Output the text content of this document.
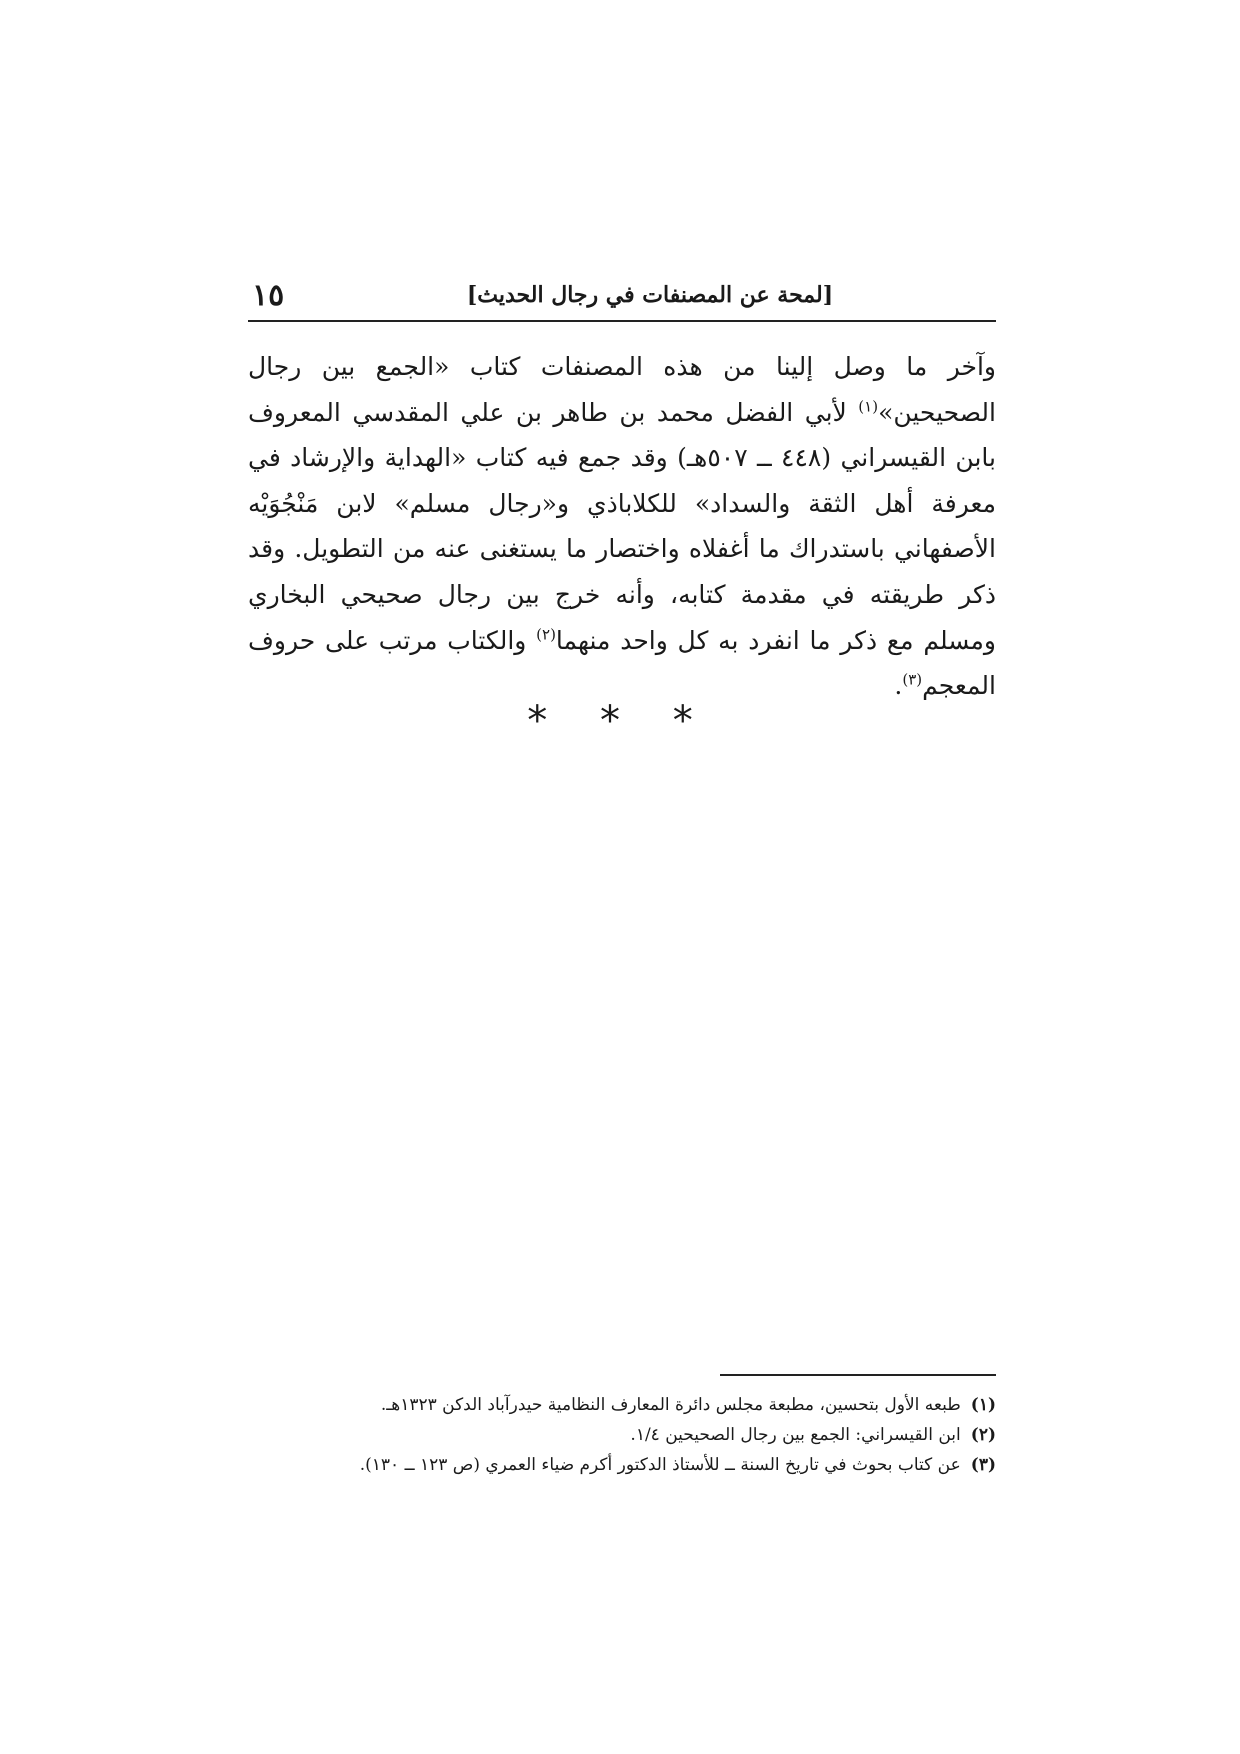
١٥	[لمحة عن المصنفات في رجال الحديث]
وآخر ما وصل إلينا من هذه المصنفات كتاب «الجمع بين رجال الصحيحين»$^{(١)}$ لأبي الفضل محمد بن طاهر بن علي المقدسي المعروف بابن القيسراني (٤٤٨ ــ ٥٠٧هـ) وقد جمع فيه كتاب «الهداية والإرشاد في معرفة أهل الثقة والسداد» للكلاباذي و«رجال مسلم» لابن مَنْجُوَيْه الأصفهاني باستدراك ما أغفلاه واختصار ما يستغنى عنه من التطويل. وقد ذكر طريقته في مقدمة كتابه، وأنه خرج بين رجال صحيحي البخاري ومسلم مع ذكر ما انفرد به كل واحد منهما$^{(٢)}$ والكتاب مرتب على حروف المعجم$^{(٣)}$.
* * *
(١)طبعه الأول بتحسين، مطبعة مجلس دائرة المعارف النظامية حيدرآباد الدكن ١٣٢٣هـ.
(٢)ابن القيسراني: الجمع بين رجال الصحيحين ١/٤.
(٣)عن كتاب بحوث في تاريخ السنة ــ للأستاذ الدكتور أكرم ضياء العمري (ص ١٢٣ ــ ١٣٠).
